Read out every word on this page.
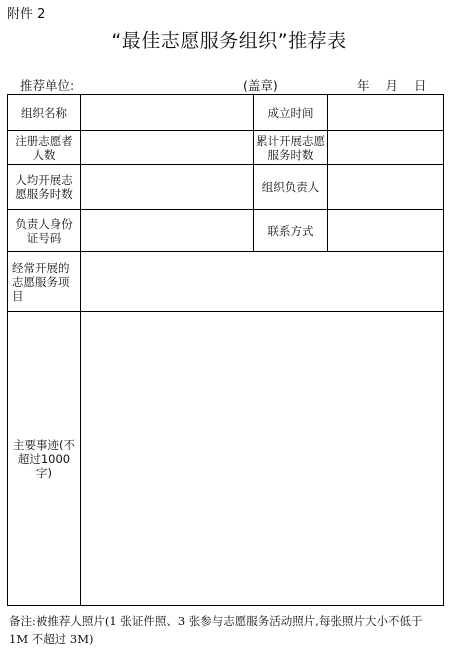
附件 2
“最佳志愿服务组织”推荐表
推荐单位:	(盖章)	年 月 日
组织名称		成立时间	
注册志愿者人数		累计开展志愿服务时数	
人均开展志愿服务时数		组织负责人	
负责人身份证号码		联系方式	
经常开展的志愿服务项目			
主要事迹(不超过1000 字)			
备注:被推荐人照片(1 张证件照、3 张参与志愿服务活动照片,每张照片大小不低于 1M 不超过 3M)
